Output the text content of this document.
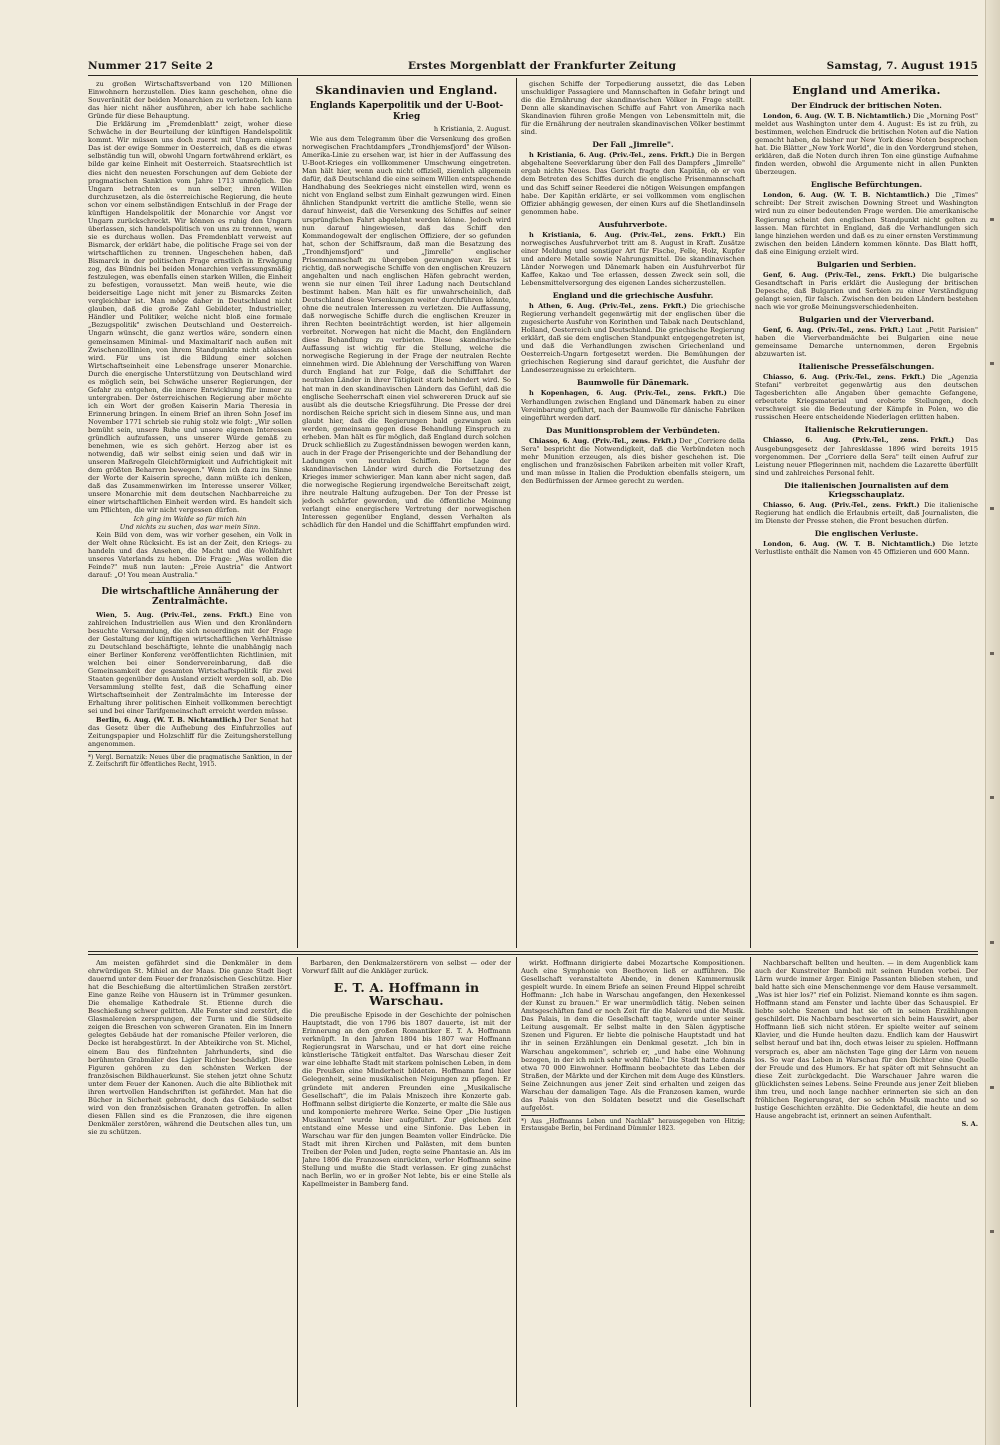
Nummer 217 Seite 2	Erstes Morgenblatt der Frankfurter Zeitung	Samstag, 7. August 1915

zu großen Wirtschaftsverband von 120 Millionen Einwohnern herzustellen. Dies kann geschehen, ohne die Souveränität der beiden Monarchien zu verletzen. Ich kann das hier nicht näher ausführen, aber ich habe sachliche Gründe für diese Behauptung.

Die Erklärung im „Fremdenblatt" zeigt, woher diese Schwäche in der Beurteilung der künftigen Handelspolitik kommt. Wir müssen uns doch zuerst mit Ungarn einigen! Das ist der ewige Sommer in Oesterreich, daß es die etwas selbständig tun will, obwohl Ungarn fortwährend erklärt, es bilde gar keine Einheit mit Oesterreich. Staatsrechtlich ist dies nicht den neuesten Forschungen auf dem Gebiete der pragmatischen Sanktion vom Jahre 1713 unmöglich. Die Ungarn betrachten es nun selber, ihren Willen durchzusetzen, als die österreichische Regierung, die heute schon vor einem selbständigen Entschluß in der Frage der künftigen Handelspolitik der Monarchie vor Angst vor Ungarn zurückschreckt. Wir können es ruhig den Ungarn überlassen, sich handelspolitisch von uns zu trennen, wenn sie es durchaus wollen. Das Fremdenblatt verweist auf Bismarck, der erklärt habe, die politische Frage sei von der wirtschaftlichen zu trennen. Ungeschehen haben, daß Bismarck in der politischen Frage ernstlich in Erwägung zog, das Bündnis bei beiden Monarchien verfassungsmäßig festzulegen, was ebenfalls einen starken Willen, die Einheit zu befestigen, voraussetzt. Man weiß heute, wie die beiderseitige Lage nicht mit jener zu Bismarcks Zeiten vergleichbar ist. Man möge daher in Deutschland nicht glauben, daß die große Zahl Gebildeter, Industrieller, Händler und Politiker, welche nicht bloß eine formale „Bezugspolitik" zwischen Deutschland und Oesterreich-Ungarn wünscht, die ganz wertlos wäre, sondern einen gemeinsamen Minimal- und Maximaltarif nach außen mit Zwischenzolllinien, von ihrem Standpunkte nicht ablassen wird. Für uns ist die Bildung einer solchen Wirtschaftseinheit eine Lebensfrage unserer Monarchie. Durch die energische Unterstützung von Deutschland wird es möglich sein, bei Schwäche unserer Regierungen, der Gefahr zu entgehen, die innere Entwicklung für immer zu untergraben. Der österreichischen Regierung aber möchte ich ein Wort der großen Kaiserin Maria Theresia in Erinnerung bringen. In einem Brief an ihren Sohn Josef im November 1771 schrieb sie ruhig stolz wie folgt: „Wir sollen bemüht sein, unsere Ruhe und unsere eigenen Interessen gründlich aufzufassen, uns unserer Würde gemäß zu benehmen, wie es sich gehört. Herzog aber ist es notwendig, daß wir selbst einig seien und daß wir in unseren Maßregeln Gleichförmigkeit und Aufrichtigkeit mit dem größten Beharren bewegen." Wenn ich dazu im Sinne der Worte der Kaiserin spreche, dann müßte ich denken, daß das Zusammenwirken im Interesse unserer Völker, unsere Monarchie mit dem deutschen Nachbarreiche zu einer wirtschaftlichen Einheit werden wird. Es handelt sich um Pflichten, die wir nicht vergessen dürfen.

Ich ging im Walde so für mich hin

Und nichts zu suchen, das war mein Sinn.

Kein Bild von dem, was wir vorher gesehen, ein Volk in der Welt ohne Rücksicht. Es ist an der Zeit, den Kriegs- zu handeln und das Ansehen, die Macht und die Wohlfahrt unseres Vaterlands zu heben. Die Frage: „Was wollen die Feinde?" muß nun lauten: „Freie Austria" die Antwort darauf: „O! You mean Australia."

Die wirtschaftliche Annäherung der Zentralmächte.

Wien, 5. Aug. (Priv.-Tel., zens. Frkft.) Eine von zahlreichen Industriellen aus Wien und den Kronländern besuchte Versammlung, die sich neuerdings mit der Frage der Gestaltung der künftigen wirtschaftlichen Verhältnisse zu Deutschland beschäftigte, lehnte die unabhängig nach einer Berliner Konferenz veröffentlichten Richtlinien, mit welchen bei einer Sondervereinbarung, daß die Gemeinsamkeit der gesamten Wirtschaftspolitik für zwei Staaten gegenüber dem Ausland erzielt werden soll, ab. Die Versammlung stellte fest, daß die Schaffung einer Wirtschaftseinheit der Zentralmächte im Interesse der Erhaltung ihrer politischen Einheit vollkommen berechtigt sei und bei einer Tarifgemeinschaft erreicht werden müsse.

Berlin, 6. Aug. (W. T. B. Nichtamtlich.) Der Senat hat das Gesetz über die Aufhebung des Einfuhrzolles auf Zeitungspapier und Holzschliff für die Zeitungsherstellung angenommen.

*) Vergl. Bernatzik: Neues über die pragmatische Sanktion, in der Z. Zeitschrift für öffentliches Recht, 1915.

Skandinavien und England.
Englands Kaperpolitik und der U-Boot-Krieg
h Kristiania, 2. August.

Wie aus dem Telegramm über die Versenkung des großen norwegischen Frachtdampfers „Trondhjemsfjord" der Wilson-Amerika-Linie zu ersehen war, ist hier in der Auffassung des U-Boot-Krieges ein vollkommener Umschwung eingetreten. Man hält hier, wenn auch nicht offiziell, ziemlich allgemein dafür, daß Deutschland die eine seinem Willen entsprechende Handhabung des Seekrieges nicht einstellen wird, wenn es nicht von England selbst zum Einhalt gezwungen wird. Einen ähnlichen Standpunkt vertritt die amtliche Stelle, wenn sie darauf hinweist, daß die Versenkung des Schiffes auf seiner ursprünglichen Fahrt abgelehnt werden könne. Jedoch wird nun darauf hingewiesen, daß das Schiff den Kommandogewalt der englischen Offiziere, der so gefunden hat, schon der Schiffsraum, daß man die Besatzung des „Trondhjemsfjord" und „Jimrelle" englischer Prisenmannschaft zu übergeben gezwungen war. Es ist richtig, daß norwegische Schiffe von den englischen Kreuzern angehalten und nach englischen Häfen gebracht werden, wenn sie nur einen Teil ihrer Ladung nach Deutschland bestimmt haben. Man hält es für unwahrscheinlich, daß Deutschland diese Versenkungen weiter durchführen könnte, ohne die neutralen Interessen zu verletzen. Die Auffassung, daß norwegische Schiffe durch die englischen Kreuzer in ihren Rechten beeinträchtigt werden, ist hier allgemein verbreitet. Norwegen hat nicht die Macht, den Engländern diese Behandlung zu verbieten. Diese skandinavische Auffassung ist wichtig für die Stellung, welche die norwegische Regierung in der Frage der neutralen Rechte einnehmen wird. Die Ablehnung der Verschiffung von Waren durch England hat zur Folge, daß die Schifffahrt der neutralen Länder in ihrer Tätigkeit stark behindert wird. So hat man in den skandinavischen Ländern das Gefühl, daß die englische Seeherrschaft einen viel schwereren Druck auf sie ausübt als die deutsche Kriegsführung. Die Presse der drei nordischen Reiche spricht sich in diesem Sinne aus, und man glaubt hier, daß die Regierungen bald gezwungen sein werden, gemeinsam gegen diese Behandlung Einspruch zu erheben. Man hält es für möglich, daß England durch solchen Druck schließlich zu Zugeständnissen bewogen werden kann, auch in der Frage der Prisengerichte und der Behandlung der Ladungen von neutralen Schiffen. Die Lage der skandinavischen Länder wird durch die Fortsetzung des Krieges immer schwieriger. Man kann aber nicht sagen, daß die norwegische Regierung irgendwelche Bereitschaft zeigt, ihre neutrale Haltung aufzugeben. Der Ton der Presse ist jedoch schärfer geworden, und die öffentliche Meinung verlangt eine energischere Vertretung der norwegischen Interessen gegenüber England, dessen Verhalten als schädlich für den Handel und die Schifffahrt empfunden wird.

gischen Schiffe der Torpedierung aussetzt, die das Leben unschuldiger Passagiere und Mannschaften in Gefahr bringt und die die Ernährung der skandinavischen Völker in Frage stellt. Denn alle skandinavischen Schiffe auf Fahrt von Amerika nach Skandinavien führen große Mengen von Lebensmitteln mit, die für die Ernährung der neutralen skandinavischen Völker bestimmt sind.

Der Fall „Jimrelle".

h Kristiania, 6. Aug. (Priv.-Tel., zens. Frkft.) Die in Bergen abgehaltene Seeverklarung über den Fall des Dampfers „Jimrelle" ergab nichts Neues. Das Gericht fragte den Kapitän, ob er von dem Betreten des Schiffes durch die englische Prisenmannschaft und das Schiff seiner Reederei die nötigen Weisungen empfangen habe. Der Kapitän erklärte, er sei vollkommen vom englischen Offizier abhängig gewesen, der einen Kurs auf die Shetlandinseln genommen habe.

Ausfuhrverbote.

h Kristiania, 6. Aug. (Priv.-Tel., zens. Frkft.) Ein norwegisches Ausfuhrverbot tritt am 8. August in Kraft. Zusätze einer Meldung und sonstiger Art für Fische, Felle, Holz, Kupfer und andere Metalle sowie Nahrungsmittel. Die skandinavischen Länder Norwegen und Dänemark haben ein Ausfuhrverbot für Kaffee, Kakao und Tee erlassen, dessen Zweck sein soll, die Lebensmittelversorgung des eigenen Landes sicherzustellen.

England und die griechische Ausfuhr.

h Athen, 6. Aug. (Priv.-Tel., zens. Frkft.) Die griechische Regierung verhandelt gegenwärtig mit der englischen über die zugesicherte Ausfuhr von Korinthen und Tabak nach Deutschland, Holland, Oesterreich und Deutschland. Die griechische Regierung erklärt, daß sie dem englischen Standpunkt entgegengetreten ist, und daß die Verhandlungen zwischen Griechenland und Oesterreich-Ungarn fortgesetzt werden. Die Bemühungen der griechischen Regierung sind darauf gerichtet, die Ausfuhr der Landeserzeugnisse zu erleichtern.

Baumwolle für Dänemark.

h Kopenhagen, 6. Aug. (Priv.-Tel., zens. Frkft.) Die Verhandlungen zwischen England und Dänemark haben zu einer Vereinbarung geführt, nach der Baumwolle für dänische Fabriken eingeführt werden darf.

Das Munitionsproblem der Verbündeten.

Chiasso, 6. Aug. (Priv.-Tel., zens. Frkft.) Der „Corriere della Sera" bespricht die Notwendigkeit, daß die Verbündeten noch mehr Munition erzeugen, als dies bisher geschehen ist. Die englischen und französischen Fabriken arbeiten mit voller Kraft, und man müsse in Italien die Produktion ebenfalls steigern, um den Bedürfnissen der Armee gerecht zu werden.

England und Amerika.
Der Eindruck der britischen Noten.

London, 6. Aug. (W. T. B. Nichtamtlich.) Die „Morning Post" meldet aus Washington unter dem 4. August: Es ist zu früh, zu bestimmen, welchen Eindruck die britischen Noten auf die Nation gemacht haben, da bisher nur New York diese Noten besprochen hat. Die Blätter „New York World", die in den Vordergrund stehen, erklären, daß die Noten durch ihren Ton eine günstige Aufnahme finden werden, obwohl die Argumente nicht in allen Punkten überzeugen.

Englische Befürchtungen.

London, 6. Aug. (W. T. B. Nichtamtlich.) Die „Times" schreibt: Der Streit zwischen Downing Street und Washington wird nun zu einer bedeutenden Frage werden. Die amerikanische Regierung scheint den englischen Standpunkt nicht gelten zu lassen. Man fürchtet in England, daß die Verhandlungen sich lange hinziehen werden und daß es zu einer ernsten Verstimmung zwischen den beiden Ländern kommen könnte. Das Blatt hofft, daß eine Einigung erzielt wird.

Bulgarien und Serbien.

Genf, 6. Aug. (Priv.-Tel., zens. Frkft.) Die bulgarische Gesandtschaft in Paris erklärt die Auslegung der britischen Depesche, daß Bulgarien und Serbien zu einer Verständigung gelangt seien, für falsch. Zwischen den beiden Ländern bestehen nach wie vor große Meinungsverschiedenheiten.

Bulgarien und der Vierverband.

Genf, 6. Aug. (Priv.-Tel., zens. Frkft.) Laut „Petit Parisien" haben die Vierverbandmächte bei Bulgarien eine neue gemeinsame Demarche unternommen, deren Ergebnis abzuwarten ist.

Italienische Pressefälschungen.

Chiasso, 6. Aug. (Priv.-Tel., zens. Frkft.) Die „Agenzia Stefani" verbreitet gegenwärtig aus den deutschen Tagesberichten alle Angaben über gemachte Gefangene, erbeutete Kriegsmaterial und eroberte Stellungen, doch verschweigt sie die Bedeutung der Kämpfe in Polen, wo die russischen Heere entscheidende Niederlagen erlitten haben.

Italienische Rekrutierungen.

Chiasso, 6. Aug. (Priv.-Tel., zens. Frkft.) Das Ausgebungsgesetz der Jahresklasse 1896 wird bereits 1915 vorgenommen. Der „Corriere della Sera" teilt einen Aufruf zur Leistung neuer Pflegerinnen mit, nachdem die Lazarette überfüllt sind und zahlreiches Personal fehlt.

Die italienischen Journalisten auf dem Kriegsschauplatz.

Chiasso, 6. Aug. (Priv.-Tel., zens. Frkft.) Die italienische Regierung hat endlich die Erlaubnis erteilt, daß Journalisten, die im Dienste der Presse stehen, die Front besuchen dürfen.

Die englischen Verluste.

London, 6. Aug. (W. T. B. Nichtamtlich.) Die letzte Verlustliste enthält die Namen von 45 Offizieren und 600 Mann.

Am meisten gefährdet sind die Denkmäler in dem ehrwürdigen St. Mihiel an der Maas. Die ganze Stadt liegt dauernd unter dem Feuer der französischen Geschütze. Hier hat die Beschießung die altertümlichen Straßen zerstört. Eine ganze Reihe von Häusern ist in Trümmer gesunken. Die ehemalige Kathedrale St. Etienne durch die Beschießung schwer gelitten. Alle Fenster sind zerstört, die Glasmalereien zersprungen, der Turm und die Südseite zeigen die Breschen von schweren Granaten. Ein im Innern gelegtes Gebäude hat der romanische Pfeiler verloren, die Decke ist herabgestürzt. In der Abteikirche von St. Michel, einem Bau des fünfzehnten Jahrhunderts, sind die berühmten Grabmäler des Ligier Richier beschädigt. Diese Figuren gehören zu den schönsten Werken der französischen Bildhauerkunst. Sie stehen jetzt ohne Schutz unter dem Feuer der Kanonen. Auch die alte Bibliothek mit ihren wertvollen Handschriften ist gefährdet. Man hat die Bücher in Sicherheit gebracht, doch das Gebäude selbst wird von den französischen Granaten getroffen. In allen diesen Fällen sind es die Franzosen, die ihre eigenen Denkmäler zerstören, während die Deutschen alles tun, um sie zu schützen.

Barbaren, den Denkmalzerstörern von selbst — oder der Vorwurf fällt auf die Ankläger zurück.

E. T. A. Hoffmann in Warschau.

Die preußische Episode in der Geschichte der polnischen Hauptstadt, die von 1796 bis 1807 dauerte, ist mit der Erinnerung an den großen Romantiker E. T. A. Hoffmann verknüpft. In den Jahren 1804 bis 1807 war Hoffmann Regierungsrat in Warschau, und er hat dort eine reiche künstlerische Tätigkeit entfaltet. Das Warschau dieser Zeit war eine lebhafte Stadt mit starkem polnischen Leben, in dem die Preußen eine Minderheit bildeten. Hoffmann fand hier Gelegenheit, seine musikalischen Neigungen zu pflegen. Er gründete mit anderen Freunden eine „Musikalische Gesellschaft", die im Palais Mniszech ihre Konzerte gab. Hoffmann selbst dirigierte die Konzerte, er malte die Säle aus und komponierte mehrere Werke. Seine Oper „Die lustigen Musikanten" wurde hier aufgeführt. Zur gleichen Zeit entstand eine Messe und eine Sinfonie. Das Leben in Warschau war für den jungen Beamten voller Eindrücke. Die Stadt mit ihren Kirchen und Palästen, mit dem bunten Treiben der Polen und Juden, regte seine Phantasie an. Als im Jahre 1806 die Franzosen einrückten, verlor Hoffmann seine Stellung und mußte die Stadt verlassen. Er ging zunächst nach Berlin, wo er in großer Not lebte, bis er eine Stelle als Kapellmeister in Bamberg fand.

wirkt. Hoffmann dirigierte dabei Mozartsche Kompositionen. Auch eine Symphonie von Beethoven ließ er aufführen. Die Gesellschaft veranstaltete Abende, in denen Kammermusik gespielt wurde. In einem Briefe an seinen Freund Hippel schreibt Hoffmann: „Ich habe in Warschau angefangen, den Hexenkessel der Kunst zu brauen." Er war unermüdlich tätig. Neben seinen Amtsgeschäften fand er noch Zeit für die Malerei und die Musik. Das Palais, in dem die Gesellschaft tagte, wurde unter seiner Leitung ausgemalt. Er selbst malte in den Sälen ägyptische Szenen und Figuren. Er liebte die polnische Hauptstadt und hat ihr in seinen Erzählungen ein Denkmal gesetzt. „Ich bin in Warschau angekommen", schrieb er, „und habe eine Wohnung bezogen, in der ich mich sehr wohl fühle." Die Stadt hatte damals etwa 70 000 Einwohner. Hoffmann beobachtete das Leben der Straßen, der Märkte und der Kirchen mit dem Auge des Künstlers. Seine Zeichnungen aus jener Zeit sind erhalten und zeigen das Warschau der damaligen Tage. Als die Franzosen kamen, wurde das Palais von den Soldaten besetzt und die Gesellschaft aufgelöst.

*) Aus „Hoffmanns Leben und Nachlaß" herausgegeben von Hitzig; Erstausgabe Berlin, bei Ferdinand Dümmler 1823.

Nachbarschaft bellten und heulten. — in dem Augenblick kam auch der Kunstreiter Bamboli mit seinen Hunden vorbei. Der Lärm wurde immer ärger. Einige Passanten blieben stehen, und bald hatte sich eine Menschenmenge vor dem Hause versammelt. „Was ist hier los?" rief ein Polizist. Niemand konnte es ihm sagen. Hoffmann stand am Fenster und lachte über das Schauspiel. Er liebte solche Szenen und hat sie oft in seinen Erzählungen geschildert. Die Nachbarn beschwerten sich beim Hauswirt, aber Hoffmann ließ sich nicht stören. Er spielte weiter auf seinem Klavier, und die Hunde heulten dazu. Endlich kam der Hauswirt selbst herauf und bat ihn, doch etwas leiser zu spielen. Hoffmann versprach es, aber am nächsten Tage ging der Lärm von neuem los. So war das Leben in Warschau für den Dichter eine Quelle der Freude und des Humors. Er hat später oft mit Sehnsucht an diese Zeit zurückgedacht. Die Warschauer Jahre waren die glücklichsten seines Lebens. Seine Freunde aus jener Zeit blieben ihm treu, und noch lange nachher erinnerten sie sich an den fröhlichen Regierungsrat, der so schön Musik machte und so lustige Geschichten erzählte. Die Gedenktafel, die heute an dem Hause angebracht ist, erinnert an seinen Aufenthalt.

S. A.
